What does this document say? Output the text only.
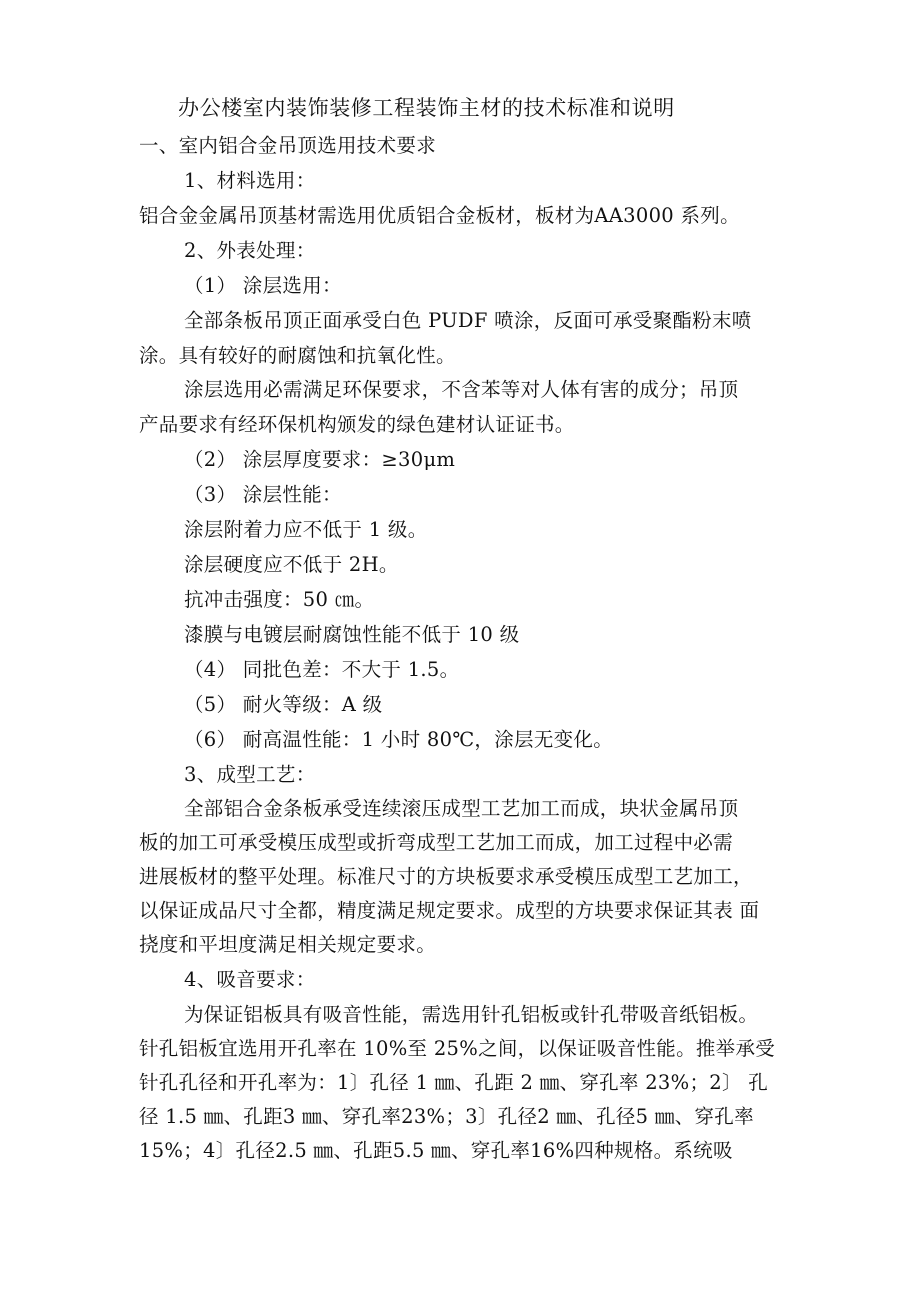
办公楼室内装饰装修工程装饰主材的技术标准和说明
一、室内铝合金吊顶选用技术要求
1、材料选用：
铝合金金属吊顶基材需选用优质铝合金板材，板材为AA3000 系列。
2、外表处理：
（1） 涂层选用：
全部条板吊顶正面承受白色 PUDF 喷涂，反面可承受聚酯粉末喷
涂。具有较好的耐腐蚀和抗氧化性。
涂层选用必需满足环保要求，不含苯等对人体有害的成分；吊顶
产品要求有经环保机构颁发的绿色建材认证证书。
（2） 涂层厚度要求：≥30μm
（3） 涂层性能：
涂层附着力应不低于 1 级。
涂层硬度应不低于 2H。
抗冲击强度：50 ㎝。
漆膜与电镀层耐腐蚀性能不低于 10 级
（4） 同批色差：不大于 1.5。
（5） 耐火等级：A 级
（6） 耐高温性能：1 小时 80℃，涂层无变化。
3、成型工艺：
全部铝合金条板承受连续滚压成型工艺加工而成，块状金属吊顶
板的加工可承受模压成型或折弯成型工艺加工而成，加工过程中必需
进展板材的整平处理。标准尺寸的方块板要求承受模压成型工艺加工，
以保证成品尺寸全都，精度满足规定要求。成型的方块要求保证其表 面
挠度和平坦度满足相关规定要求。
4、吸音要求：
为保证铝板具有吸音性能，需选用针孔铝板或针孔带吸音纸铝板。
针孔铝板宜选用开孔率在 10%至 25%之间，以保证吸音性能。推举承受
针孔孔径和开孔率为：1〕孔径 1 ㎜、孔距 2 ㎜、穿孔率 23%；2〕 孔
径 1.5 ㎜、孔距3 ㎜、穿孔率23%；3〕孔径2 ㎜、孔径5 ㎜、穿孔率
15%；4〕孔径2.5 ㎜、孔距5.5 ㎜、穿孔率16%四种规格。系统吸
